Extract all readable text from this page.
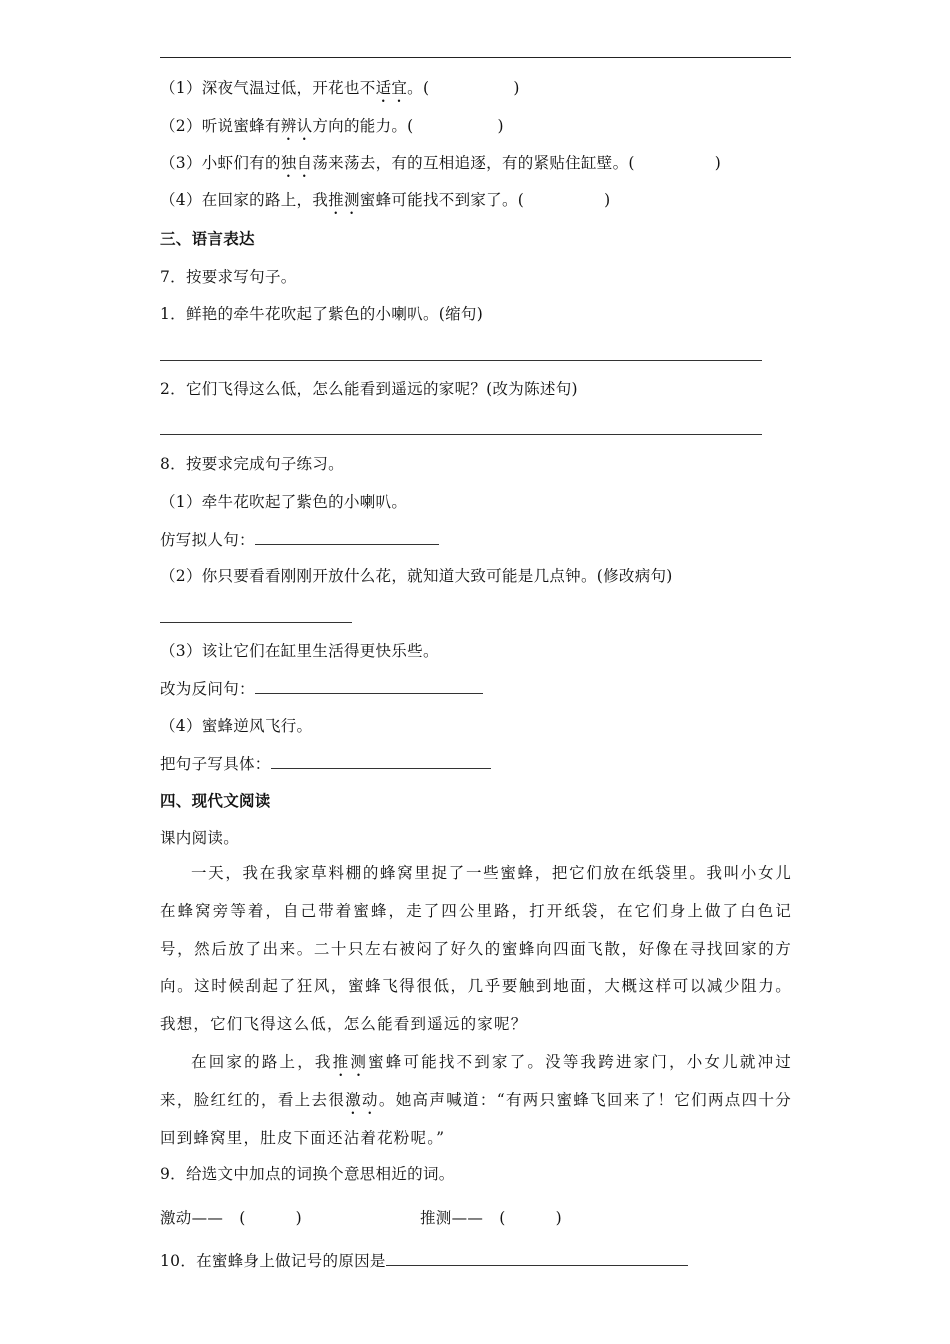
（1）深夜气温过低，开花也不适宜。(	)
（2）听说蜜蜂有辨认方向的能力。(	)
（3）小虾们有的独自荡来荡去，有的互相追逐，有的紧贴住缸壁。(	)
（4）在回家的路上，我推测蜜蜂可能找不到家了。(	)
三、语言表达
7．按要求写句子。
1．鲜艳的牵牛花吹起了紫色的小喇叭。(缩句)
2．它们飞得这么低，怎么能看到遥远的家呢？(改为陈述句)
8．按要求完成句子练习。
（1）牵牛花吹起了紫色的小喇叭。
仿写拟人句：
（2）你只要看看刚刚开放什么花，就知道大致可能是几点钟。(修改病句)
（3）该让它们在缸里生活得更快乐些。
改为反问句：
（4）蜜蜂逆风飞行。
把句子写具体：
四、现代文阅读
课内阅读。

一天，我在我家草料棚的蜂窝里捉了一些蜜蜂，把它们放在纸袋里。我叫小女儿在蜂窝旁等着，自己带着蜜蜂，走了四公里路，打开纸袋，在它们身上做了白色记号，然后放了出来。二十只左右被闷了好久的蜜蜂向四面飞散，好像在寻找回家的方向。这时候刮起了狂风，蜜蜂飞得很低，几乎要触到地面，大概这样可以减少阻力。我想，它们飞得这么低，怎么能看到遥远的家呢？

在回家的路上，我推测蜜蜂可能找不到家了。没等我跨进家门，小女儿就冲过来，脸红红的，看上去很激动。她高声喊道：“有两只蜜蜂飞回来了！它们两点四十分回到蜂窝里，肚皮下面还沾着花粉呢。”

9．给选文中加点的词换个意思相近的词。
激动—— (	)	推测—— (	)
10．在蜜蜂身上做记号的原因是
